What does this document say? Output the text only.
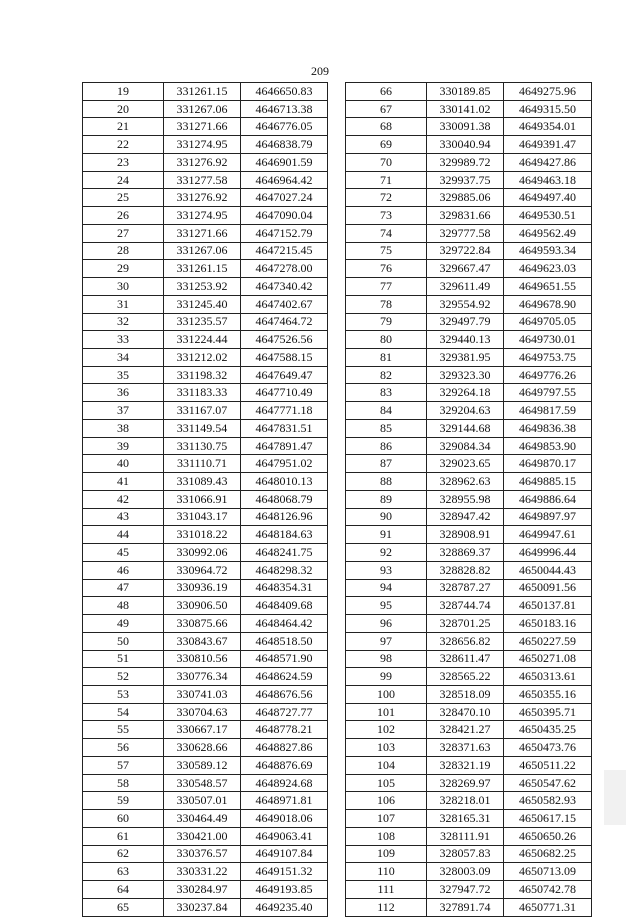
209
19	331261.15	4646650.83
20	331267.06	4646713.38
21	331271.66	4646776.05
22	331274.95	4646838.79
23	331276.92	4646901.59
24	331277.58	4646964.42
25	331276.92	4647027.24
26	331274.95	4647090.04
27	331271.66	4647152.79
28	331267.06	4647215.45
29	331261.15	4647278.00
30	331253.92	4647340.42
31	331245.40	4647402.67
32	331235.57	4647464.72
33	331224.44	4647526.56
34	331212.02	4647588.15
35	331198.32	4647649.47
36	331183.33	4647710.49
37	331167.07	4647771.18
38	331149.54	4647831.51
39	331130.75	4647891.47
40	331110.71	4647951.02
41	331089.43	4648010.13
42	331066.91	4648068.79
43	331043.17	4648126.96
44	331018.22	4648184.63
45	330992.06	4648241.75
46	330964.72	4648298.32
47	330936.19	4648354.31
48	330906.50	4648409.68
49	330875.66	4648464.42
50	330843.67	4648518.50
51	330810.56	4648571.90
52	330776.34	4648624.59
53	330741.03	4648676.56
54	330704.63	4648727.77
55	330667.17	4648778.21
56	330628.66	4648827.86
57	330589.12	4648876.69
58	330548.57	4648924.68
59	330507.01	4648971.81
60	330464.49	4649018.06
61	330421.00	4649063.41
62	330376.57	4649107.84
63	330331.22	4649151.32
64	330284.97	4649193.85
65	330237.84	4649235.40
66	330189.85	4649275.96
67	330141.02	4649315.50
68	330091.38	4649354.01
69	330040.94	4649391.47
70	329989.72	4649427.86
71	329937.75	4649463.18
72	329885.06	4649497.40
73	329831.66	4649530.51
74	329777.58	4649562.49
75	329722.84	4649593.34
76	329667.47	4649623.03
77	329611.49	4649651.55
78	329554.92	4649678.90
79	329497.79	4649705.05
80	329440.13	4649730.01
81	329381.95	4649753.75
82	329323.30	4649776.26
83	329264.18	4649797.55
84	329204.63	4649817.59
85	329144.68	4649836.38
86	329084.34	4649853.90
87	329023.65	4649870.17
88	328962.63	4649885.15
89	328955.98	4649886.64
90	328947.42	4649897.97
91	328908.91	4649947.61
92	328869.37	4649996.44
93	328828.82	4650044.43
94	328787.27	4650091.56
95	328744.74	4650137.81
96	328701.25	4650183.16
97	328656.82	4650227.59
98	328611.47	4650271.08
99	328565.22	4650313.61
100	328518.09	4650355.16
101	328470.10	4650395.71
102	328421.27	4650435.25
103	328371.63	4650473.76
104	328321.19	4650511.22
105	328269.97	4650547.62
106	328218.01	4650582.93
107	328165.31	4650617.15
108	328111.91	4650650.26
109	328057.83	4650682.25
110	328003.09	4650713.09
111	327947.72	4650742.78
112	327891.74	4650771.31
